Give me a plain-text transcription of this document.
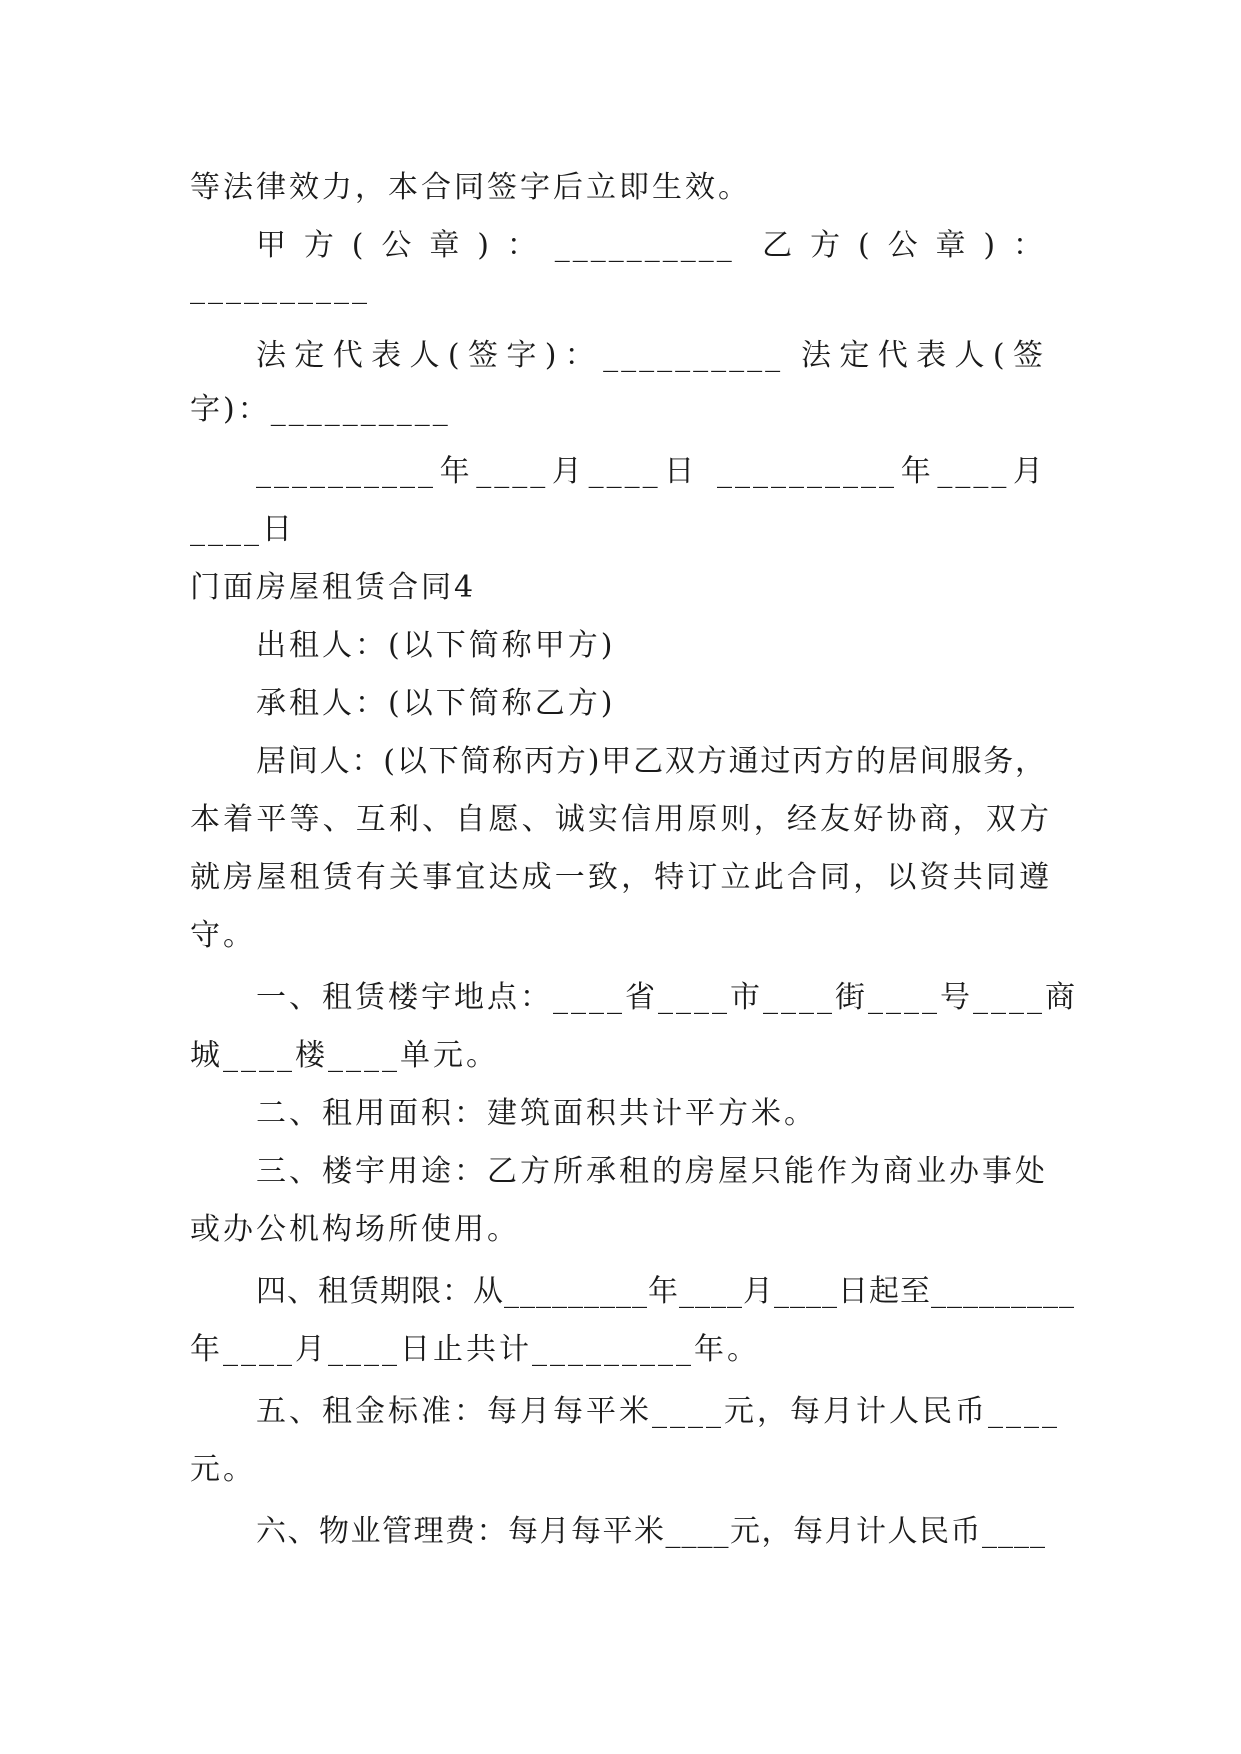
等法律效力，本合同签字后立即生效。
甲方(公章)：__________ 乙方(公章)：
__________
法定代表人(签字)：__________ 法定代表人(签
字)：__________
__________年____月____日 __________年____月
____日
门面房屋租赁合同4
出租人：(以下简称甲方)
承租人：(以下简称乙方)
居间人：(以下简称丙方)甲乙双方通过丙方的居间服务，
本着平等、互利、自愿、诚实信用原则，经友好协商，双方
就房屋租赁有关事宜达成一致，特订立此合同，以资共同遵
守。
一、租赁楼宇地点：____省____市____街____号____商
城____楼____单元。
二、租用面积：建筑面积共计平方米。
三、楼宇用途：乙方所承租的房屋只能作为商业办事处
或办公机构场所使用。
四、租赁期限：从_________年____月____日起至_________
年____月____日止共计_________年。
五、租金标准：每月每平米____元，每月计人民币____
元。
六、物业管理费：每月每平米____元，每月计人民币____
